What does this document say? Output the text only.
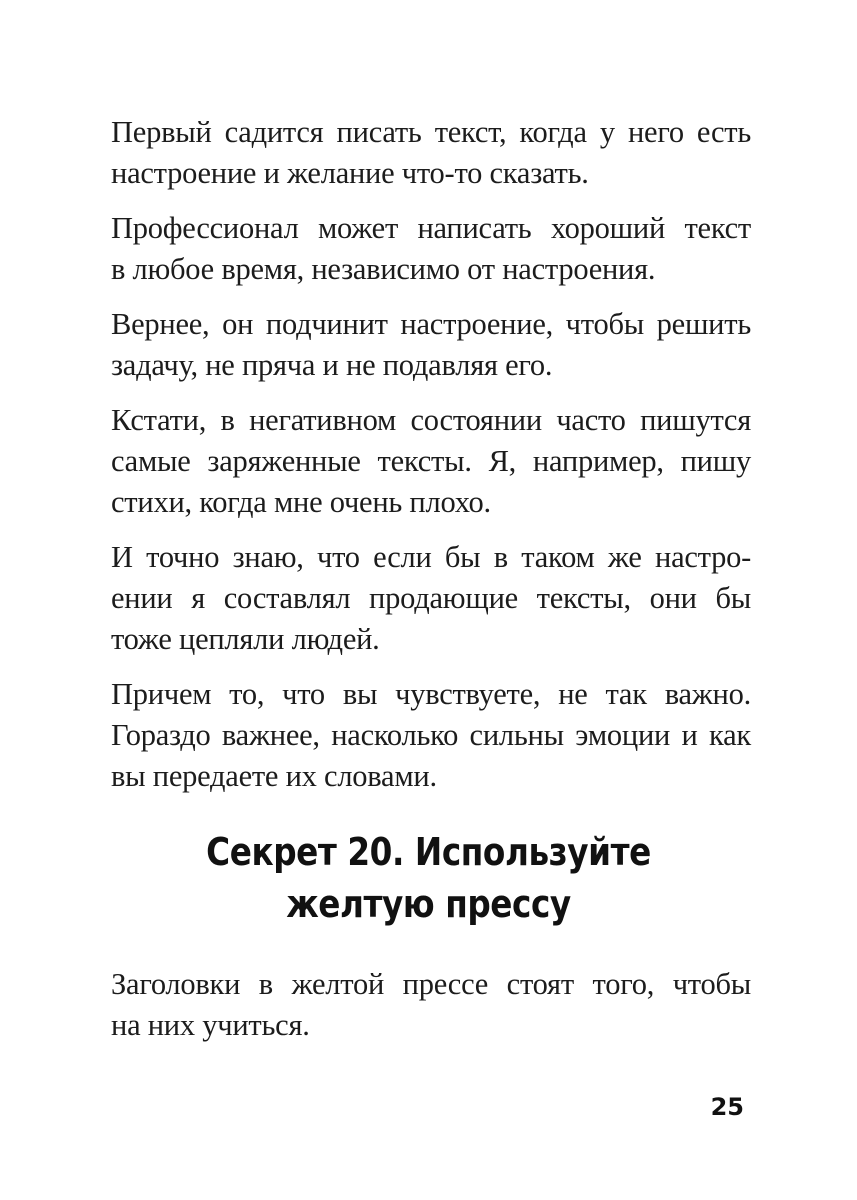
Первый садится писать текст, когда у него есть
настроение и желание что-то сказать.

Профессионал может написать хороший текст
в любое время, независимо от настроения.

Вернее, он подчинит настроение, чтобы решить
задачу, не пряча и не подавляя его.

Кстати, в негативном состоянии часто пишутся
самые заряженные тексты. Я, например, пишу
стихи, когда мне очень плохо.

И точно знаю, что если бы в таком же настро-
ении я составлял продающие тексты, они бы
тоже цепляли людей.

Причем то, что вы чувствуете, не так важно.
Гораздо важнее, насколько сильны эмоции и как
вы передаете их словами.

Секрет 20. Используйте
желтую прессу

Заголовки в желтой прессе стоят того, чтобы
на них учиться.

25
